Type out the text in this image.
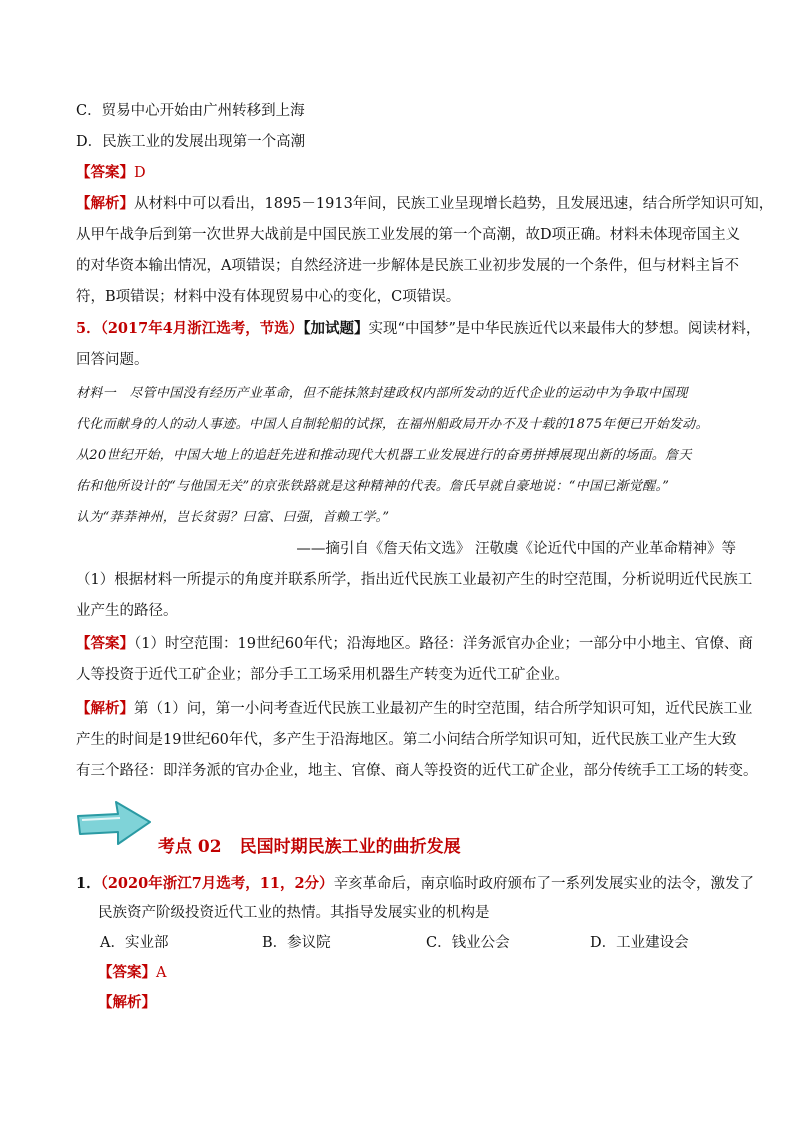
C．贸易中心开始由广州转移到上海
D．民族工业的发展出现第一个高潮
【答案】D
【解析】从材料中可以看出，1895－1913年间，民族工业呈现增长趋势，且发展迅速，结合所学知识可知，
从甲午战争后到第一次世界大战前是中国民族工业发展的第一个高潮，故D项正确。材料未体现帝国主义
的对华资本输出情况，A项错误；自然经济进一步解体是民族工业初步发展的一个条件，但与材料主旨不
符，B项错误；材料中没有体现贸易中心的变化，C项错误。
5．（2017年4月浙江选考，节选）【加试题】实现“中国梦”是中华民族近代以来最伟大的梦想。阅读材料，
回答问题。
材料一　尽管中国没有经历产业革命，但不能抹煞封建政权内部所发动的近代企业的运动中为争取中国现
代化而献身的人的动人事迹。中国人自制轮船的试探，在福州船政局开办不及十载的1875年便已开始发动。
从20世纪开始，中国大地上的追赶先进和推动现代大机器工业发展进行的奋勇拼搏展现出新的场面。詹天
佑和他所设计的“与他国无关”的京张铁路就是这种精神的代表。詹氏早就自豪地说：“中国已渐觉醒。”
认为“莽莽神州，岂长贫弱？曰富、曰强，首赖工学。”
——摘引自《詹天佑文选》 汪敬虞《论近代中国的产业革命精神》等
（1）根据材料一所提示的角度并联系所学，指出近代民族工业最初产生的时空范围，分析说明近代民族工
业产生的路径。
【答案】（1）时空范围：19世纪60年代；沿海地区。路径：洋务派官办企业；一部分中小地主、官僚、商
人等投资于近代工矿企业；部分手工工场采用机器生产转变为近代工矿企业。
【解析】第（1）问，第一小问考查近代民族工业最初产生的时空范围，结合所学知识可知，近代民族工业
产生的时间是19世纪60年代，多产生于沿海地区。第二小问结合所学知识可知，近代民族工业产生大致
有三个路径：即洋务派的官办企业，地主、官僚、商人等投资的近代工矿企业，部分传统手工工场的转变。
考点 02 民国时期民族工业的曲折发展
1．（2020年浙江7月选考，11，2分）辛亥革命后，南京临时政府颁布了一系列发展实业的法令，激发了
民族资产阶级投资近代工业的热情。其指导发展实业的机构是
A．实业部	B．参议院	C．钱业公会	D．工业建设会
【答案】A
【解析】
